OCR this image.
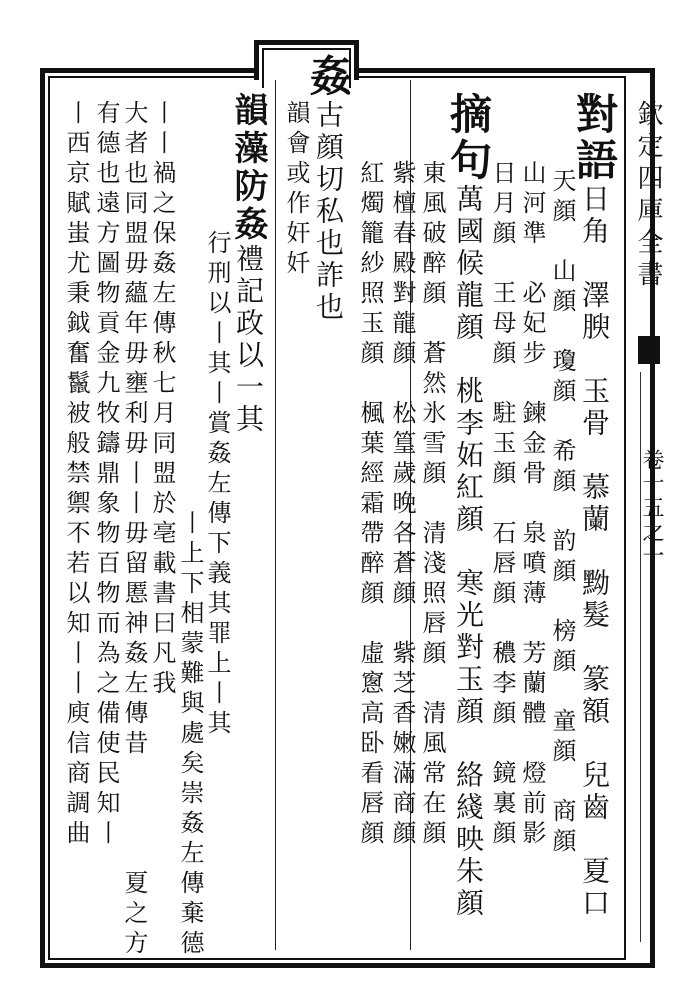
欽定四庫全書
卷十五之一
對語日角　澤腴　玉骨　慕蘭　黝髮　篆額　兒齒　夏口
天顔　山顔　瓊顔　希顔　䪨顔　榜顔　童顔　商顔
山河準　必妃步　鍊金骨　泉噴薄　芳蘭體　燈前影
日月顔　王母顔　駐玉顔　石唇顔　穠李顔　鏡裏顔
摘句萬國候龍顔　桃李妬紅顔　寒光對玉顔　絡綫映朱顔
東風破醉顔　蒼然氷雪顔　清淺照唇顔　清風常在顔
紫檀春殿對龍顔　松篁歲晚各蒼顔　紫芝香嫩滿商顔
紅燭籠紗照玉顔　楓葉經霜帶醉顔　虛窻高卧看唇顔
姦古顔切私也詐也
韻會或作奸奷
韻藻防姦禮記政以一其
行刑以丨其丨賞姦左傳下義其罪上丨其
丨上下相蒙難與處矣崇姦左傳
棄德
丨丨禍之保姦左傳秋七月同盟於亳載書曰凡我
大者也同盟毋蘊年毋壅利毋丨丨毋留慝神姦左傳昔
夏之方
有德也遠方圖物貢金九牧鑄鼎象物百物而為之備使民知丨
丨西京賦蚩尤秉鉞奮鬣被般禁禦不若以知丨丨庾信商調曲
